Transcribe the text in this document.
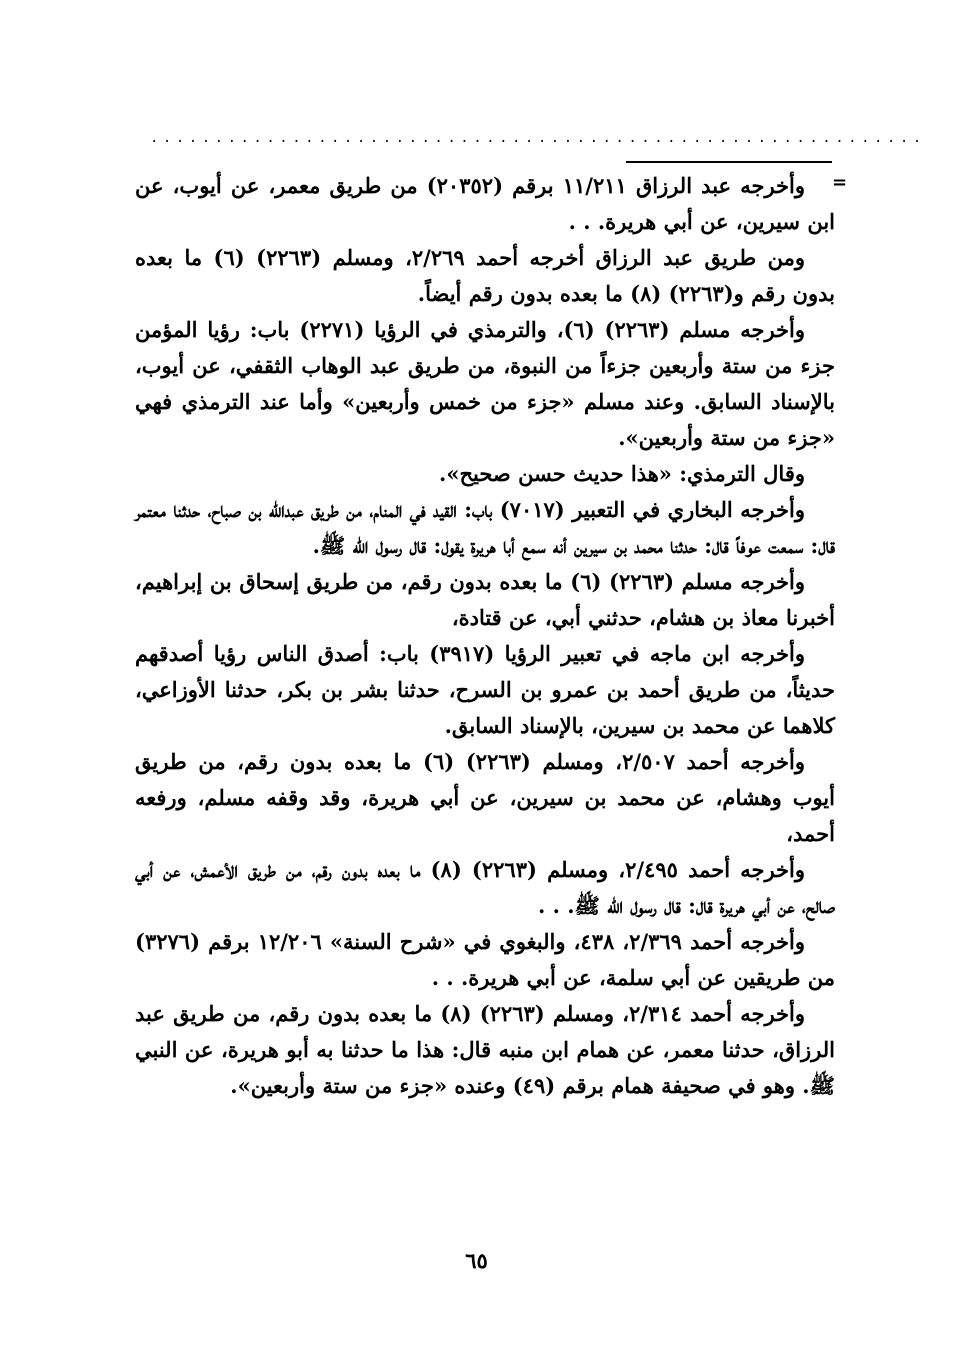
............................................................
=

وأخرجه عبد الرزاق ١١/٢١١ برقم (٢٠٣٥٢) من طريق معمر، عن أيوب، عن ابن سيرين، عن أبي هريرة. . .

ومن طريق عبد الرزاق أخرجه أحمد ٢/٢٦٩، ومسلم (٢٢٦٣) (٦) ما بعده بدون رقم و(٢٢٦٣) (٨) ما بعده بدون رقم أيضاً.

وأخرجه مسلم (٢٢٦٣) (٦)، والترمذي في الرؤيا (٢٢٧١) باب: رؤيا المؤمن جزء من ستة وأربعين جزءاً من النبوة، من طريق عبد الوهاب الثقفي، عن أيوب، بالإسناد السابق. وعند مسلم «جزء من خمس وأربعين» وأما عند الترمذي فهي «جزء من ستة وأربعين».

وقال الترمذي: «هذا حديث حسن صحيح».

وأخرجه البخاري في التعبير (٧٠١٧) باب: القيد في المنام، من طريق عبدالله بن صباح، حدثنا معتمر قال: سمعت عوفاً قال: حدثنا محمد بن سيرين أنه سمع أبا هريرة يقول: قال رسول الله ﷺ.

وأخرجه مسلم (٢٢٦٣) (٦) ما بعده بدون رقم، من طريق إسحاق بن إبراهيم، أخبرنا معاذ بن هشام، حدثني أبي، عن قتادة،

وأخرجه ابن ماجه في تعبير الرؤيا (٣٩١٧) باب: أصدق الناس رؤيا أصدقهم حديثاً، من طريق أحمد بن عمرو بن السرح، حدثنا بشر بن بكر، حدثنا الأوزاعي، كلاهما عن محمد بن سيرين، بالإسناد السابق.

وأخرجه أحمد ٢/٥٠٧، ومسلم (٢٢٦٣) (٦) ما بعده بدون رقم، من طريق أيوب وهشام، عن محمد بن سيرين، عن أبي هريرة، وقد وقفه مسلم، ورفعه أحمد،

وأخرجه أحمد ٢/٤٩٥، ومسلم (٢٢٦٣) (٨) ما بعده بدون رقم، من طريق الأعمش، عن أبي صالح، عن أبي هريرة قال: قال رسول الله ﷺ. . .

وأخرجه أحمد ٢/٣٦٩، ٤٣٨، والبغوي في «شرح السنة» ١٢/٢٠٦ برقم (٣٢٧٦) من طريقين عن أبي سلمة، عن أبي هريرة. . .

وأخرجه أحمد ٢/٣١٤، ومسلم (٢٢٦٣) (٨) ما بعده بدون رقم، من طريق عبد الرزاق، حدثنا معمر، عن همام ابن منبه قال: هذا ما حدثنا به أبو هريرة، عن النبي ﷺ. وهو في صحيفة همام برقم (٤٩) وعنده «جزء من ستة وأربعين».

٦٥
